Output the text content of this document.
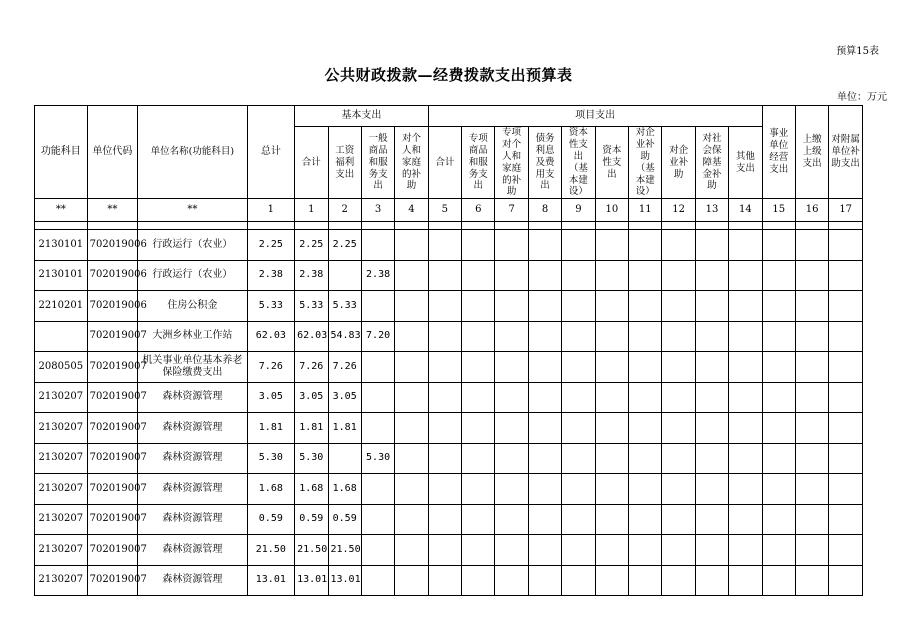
预算15表
公共财政拨款—经费拨款支出预算表
单位：万元
功能科目	单位代码	单位名称(功能科目)	总计	基本支出				项目支出										事业单位经营支出	上缴上级支出	对附属单位补助支出
				合计	工资福利支出	一般商品和服务支出	对个人和家庭的补助	合计	专项商品和服务支出	专项对个人和家庭的补助	债务利息及费用支出	资本性支出（基本建设）	资本性支出	对企业补助（基本建设）	对企业补助	对社会保障基金补助	其他支出			
**	**	**	1	1	2	3	4	5	6	7	8	9	10	11	12	13	14	15	16	17

2130101	702019006	行政运行（农业）	2.25	2.25	2.25															
2130101	702019006	行政运行（农业）	2.38	2.38		2.38														
2210201	702019006	住房公积金	5.33	5.33	5.33															
	702019007	大洲乡林业工作站	62.03	62.03	54.83	7.20														
2080505	702019007	机关事业单位基本养老保险缴费支出	7.26	7.26	7.26															
2130207	702019007	森林资源管理	3.05	3.05	3.05															
2130207	702019007	森林资源管理	1.81	1.81	1.81															
2130207	702019007	森林资源管理	5.30	5.30		5.30														
2130207	702019007	森林资源管理	1.68	1.68	1.68															
2130207	702019007	森林资源管理	0.59	0.59	0.59															
2130207	702019007	森林资源管理	21.50	21.50	21.50															
2130207	702019007	森林资源管理	13.01	13.01	13.01															
